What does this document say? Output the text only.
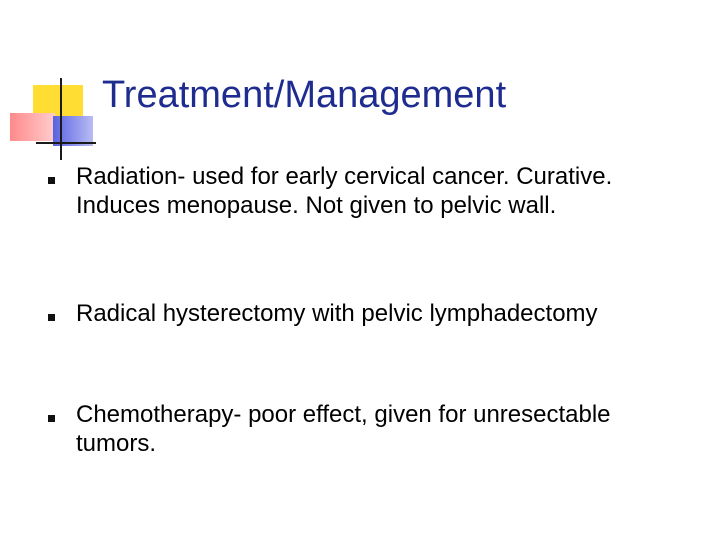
Treatment/Management
Radiation- used for early cervical cancer. Curative. Induces menopause. Not given to pelvic wall.
Radical hysterectomy with pelvic lymphadectomy
Chemotherapy- poor effect, given for unresectable tumors.
